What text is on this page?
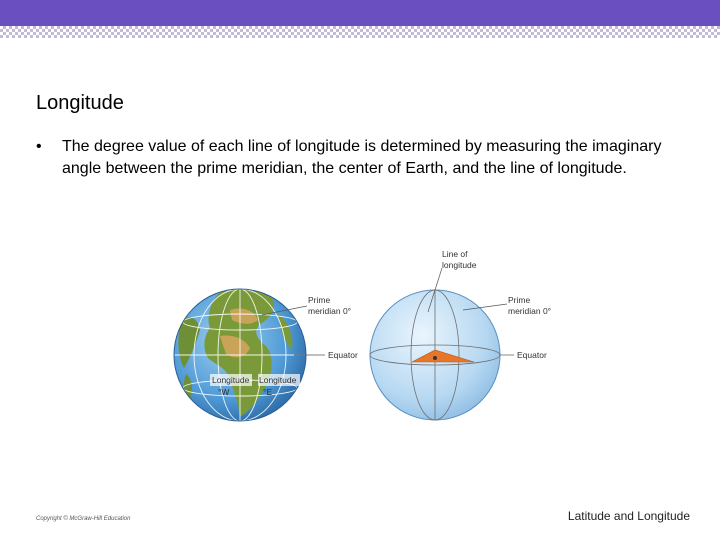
Longitude
•	The degree value of each line of longitude is determined by measuring the imaginary angle between the prime meridian, the center of Earth, and the line of longitude.
Prime
meridian 0°
Equator
Longitude
°W
Longitude
°E
Line of
longitude
Prime
meridian 0°
Equator
Copyright © McGraw-Hill Education	Latitude and Longitude
